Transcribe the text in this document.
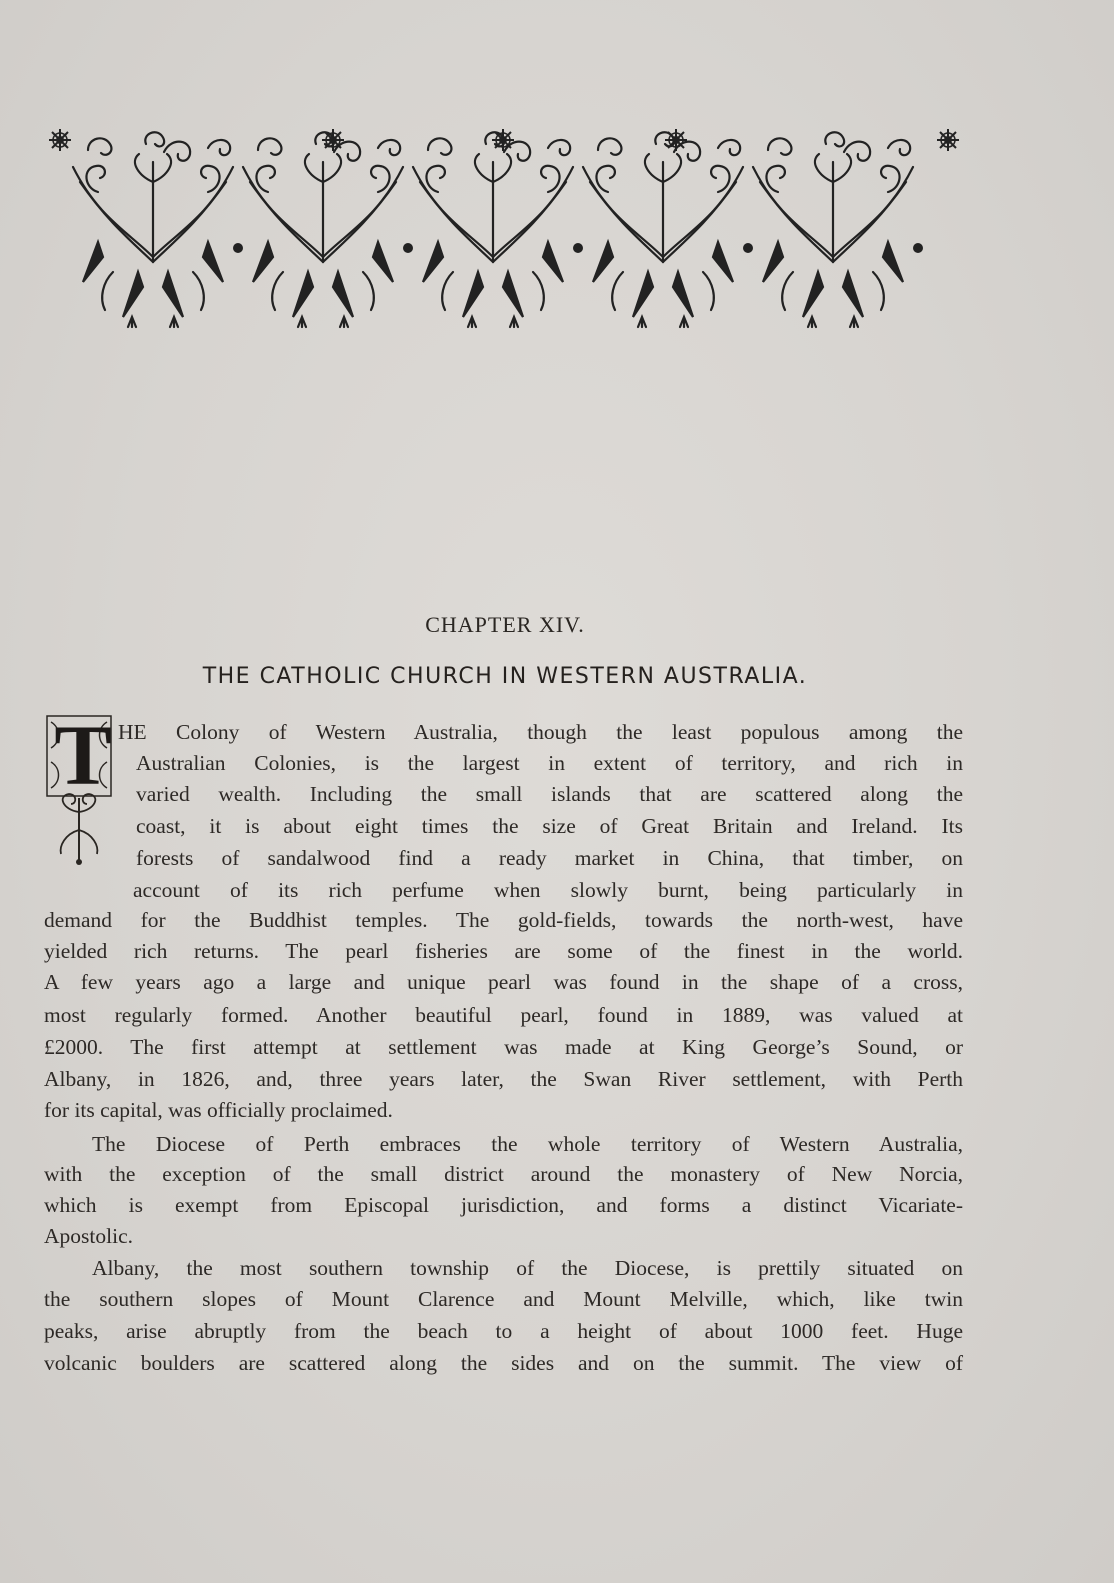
CHAPTER XIV.
THE CATHOLIC CHURCH IN WESTERN AUSTRALIA.
T HE Colony of Western Australia, though the least populous among the
Australian Colonies, is the largest in extent of territory, and rich in
varied wealth. Including the small islands that are scattered along the
coast, it is about eight times the size of Great Britain and Ireland. Its
forests of sandalwood find a ready market in China, that timber, on
account of its rich perfume when slowly burnt, being particularly in
demand for the Buddhist temples. The gold-fields, towards the north-west, have
yielded rich returns. The pearl fisheries are some of the finest in the world.
A few years ago a large and unique pearl was found in the shape of a cross,
most regularly formed. Another beautiful pearl, found in 1889, was valued at
£2000. The first attempt at settlement was made at King George’s Sound, or
Albany, in 1826, and, three years later, the Swan River settlement, with Perth
for its capital, was officially proclaimed.
The Diocese of Perth embraces the whole territory of Western Australia,
with the exception of the small district around the monastery of New Norcia,
which is exempt from Episcopal jurisdiction, and forms a distinct Vicariate-
Apostolic.
Albany, the most southern township of the Diocese, is prettily situated on
the southern slopes of Mount Clarence and Mount Melville, which, like twin
peaks, arise abruptly from the beach to a height of about 1000 feet. Huge
volcanic boulders are scattered along the sides and on the summit. The view of
